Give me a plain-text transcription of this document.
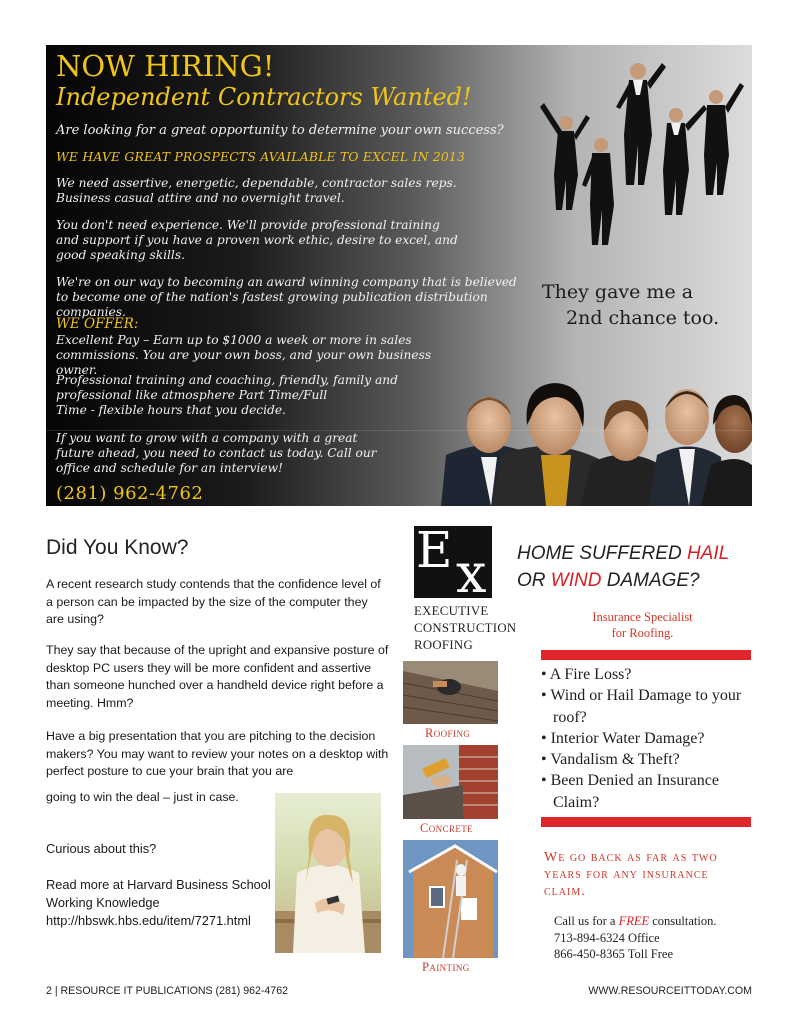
NOW HIRING!
Independent Contractors Wanted!
Are looking for a great opportunity to determine your own success?
WE HAVE GREAT PROSPECTS AVAILABLE TO EXCEL IN 2013
We need assertive, energetic, dependable, contractor sales reps. Business casual attire and no overnight travel.
You don't need experience. We'll provide professional training and support if you have a proven work ethic, desire to excel, and good speaking skills.
We're on our way to becoming an award winning company that is believed to become one of the nation's fastest growing publication distribution companies.
WE OFFER:
Excellent Pay – Earn up to $1000 a week or more in sales commissions. You are your own boss, and your own business owner.
Professional training and coaching, friendly, family and professional like atmosphere Part Time/Full
Time - flexible hours that you decide.
If you want to grow with a company with a great future ahead, you need to contact us today. Call our office and schedule for an interview!
(281) 962-4762
They gave me a
2nd chance too.
Did You Know?
A recent research study contends that the confidence level of a person can be impacted by the size of the computer they are using?
They say that because of the upright and expansive posture of desktop PC users they will be more confident and assertive than someone hunched over a handheld device right before a meeting. Hmm?
Have a big presentation that you are pitching to the decision makers? You may want to review your notes on a desktop with perfect posture to cue your brain that you are
going to win the deal – just in case.
Curious about this?
Read more at Harvard Business School Working Knowledge http://hbswk.hbs.edu/item/7271.html
E x
EXECUTIVE
CONSTRUCTION
ROOFING
Roofing
Concrete
Painting
HOME SUFFERED HAIL
OR WIND DAMAGE?
Insurance Specialist
for Roofing.
• A Fire Loss?
• Wind or Hail Damage to your roof?
• Interior Water Damage?
• Vandalism & Theft?
• Been Denied an Insurance Claim?
We go back as far as two years for any insurance claim.
Call us for a FREE consultation.
713-894-6324 Office
866-450-8365 Toll Free
2 | RESOURCE IT PUBLICATIONS (281) 962-4762	WWW.RESOURCEITTODAY.COM
